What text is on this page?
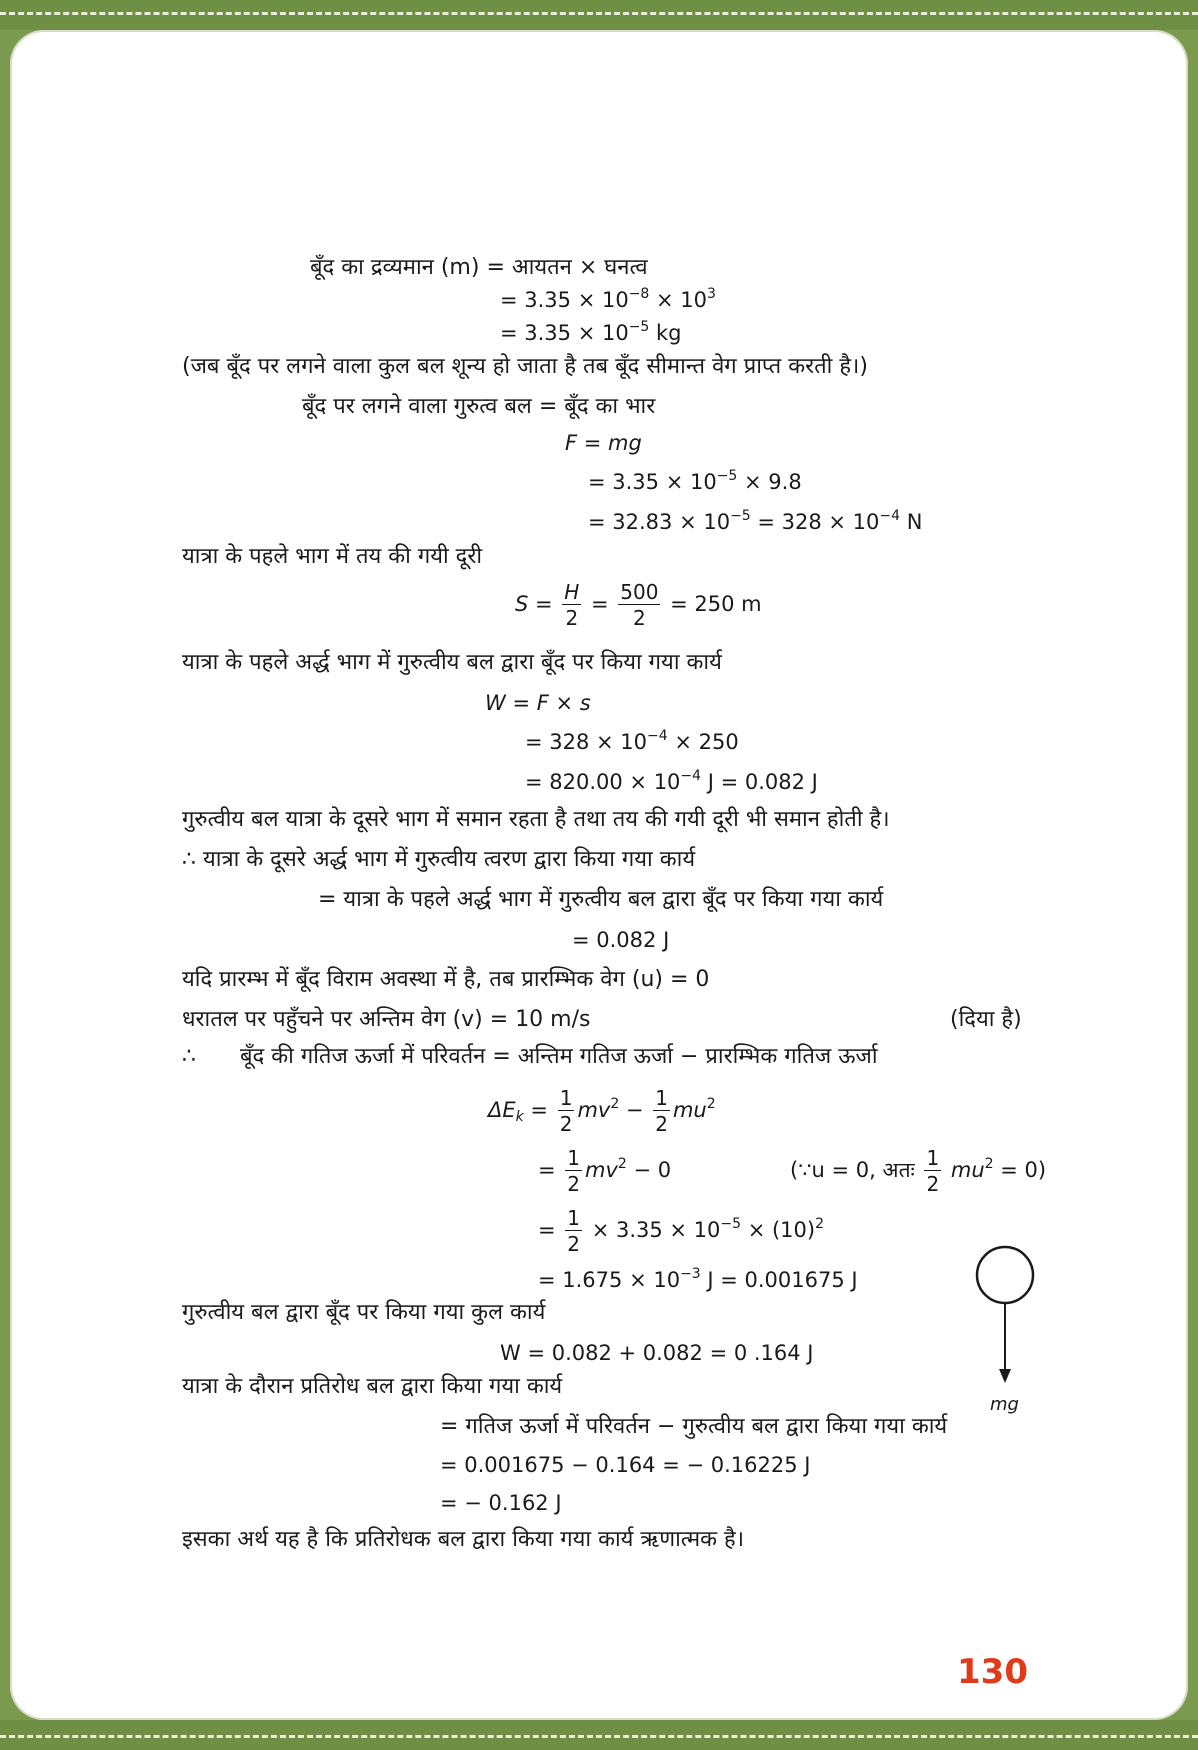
बूँद का द्रव्यमान (m) = आयतन × घनत्व
= $3.35 \times 10^{-8} \times 10^3$
= $3.35 \times 10^{-5}$ kg
(जब बूँद पर लगने वाला कुल बल शून्य हो जाता है तब बूँद सीमान्त वेग प्राप्त करती है।)
बूँद पर लगने वाला गुरुत्व बल = बूँद का भार
F = mg
= $3.35 \times 10^{-5} \times 9.8$
= $32.83 \times 10^{-5} = 328 \times 10^{-4}$ N
यात्रा के पहले भाग में तय की गयी दूरी
$S = \frac{H}{2} = \frac{500}{2} = 250$ m
यात्रा के पहले अर्द्ध भाग में गुरुत्वीय बल द्वारा बूँद पर किया गया कार्य
W = F × s
= $328 \times 10^{-4} \times 250$
= $820.00 \times 10^{-4}$ J = 0.082 J
गुरुत्वीय बल यात्रा के दूसरे भाग में समान रहता है तथा तय की गयी दूरी भी समान होती है।
∴ यात्रा के दूसरे अर्द्ध भाग में गुरुत्वीय त्वरण द्वारा किया गया कार्य
= यात्रा के पहले अर्द्ध भाग में गुरुत्वीय बल द्वारा बूँद पर किया गया कार्य
= 0.082 J
यदि प्रारम्भ में बूँद विराम अवस्था में है, तब प्रारम्भिक वेग (u) = 0
धरातल पर पहुँचने पर अन्तिम वेग (v) = 10 m/s	(दिया है)
∴ बूँद की गतिज ऊर्जा में परिवर्तन = अन्तिम गतिज ऊर्जा − प्रारम्भिक गतिज ऊर्जा
$\Delta E_k = \frac{1}{2} mv^2 - \frac{1}{2} mu^2$
= $\frac{1}{2} mv^2 - 0$	(∵u = 0, अतः $\frac{1}{2} mu^2 = 0$)
= $\frac{1}{2} \times 3.35 \times 10^{-5} \times (10)^2$
= $1.675 \times 10^{-3}$ J = 0.001675 J
गुरुत्वीय बल द्वारा बूँद पर किया गया कुल कार्य
W = 0.082 + 0.082 = 0 .164 J
यात्रा के दौरान प्रतिरोध बल द्वारा किया गया कार्य
= गतिज ऊर्जा में परिवर्तन − गुरुत्वीय बल द्वारा किया गया कार्य
= 0.001675 − 0.164 = − 0.16225 J
= − 0.162 J
इसका अर्थ यह है कि प्रतिरोधक बल द्वारा किया गया कार्य ऋणात्मक है।
mg
130
